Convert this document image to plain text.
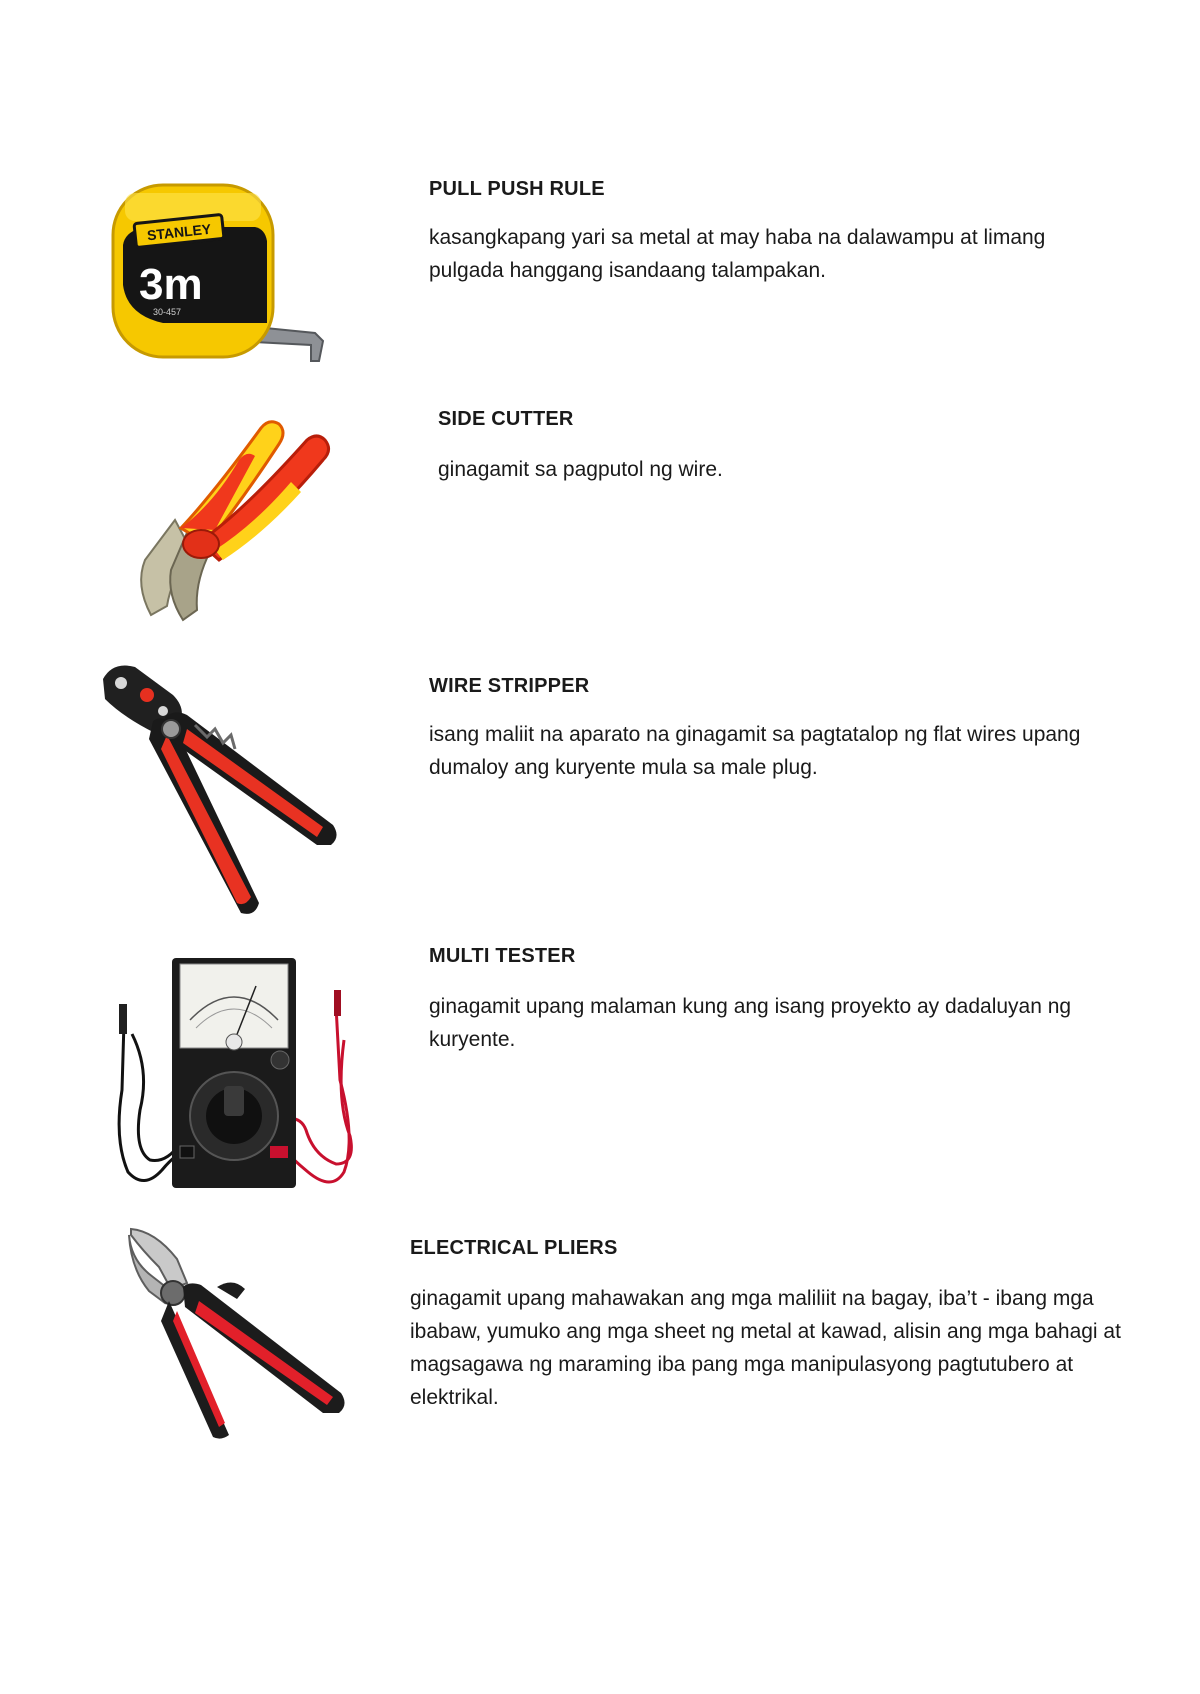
STANLEY
3m
30-457
PULL PUSH RULE

kasangkapang yari sa metal at may haba na dalawampu at limang pulgada hanggang isandaang talampakan.

SIDE CUTTER

ginagamit sa pagputol ng wire.

WIRE STRIPPER

isang maliit na aparato na ginagamit sa pagtatalop ng flat wires upang dumaloy ang kuryente mula sa male plug.

MULTI TESTER

ginagamit upang malaman kung ang isang proyekto ay dadaluyan ng kuryente.

ELECTRICAL PLIERS

ginagamit upang mahawakan ang mga maliliit na bagay, iba’t - ibang mga ibabaw, yumuko ang mga sheet ng metal at kawad, alisin ang mga bahagi at magsagawa ng maraming iba pang mga manipulasyong pagtutubero at elektrikal.
